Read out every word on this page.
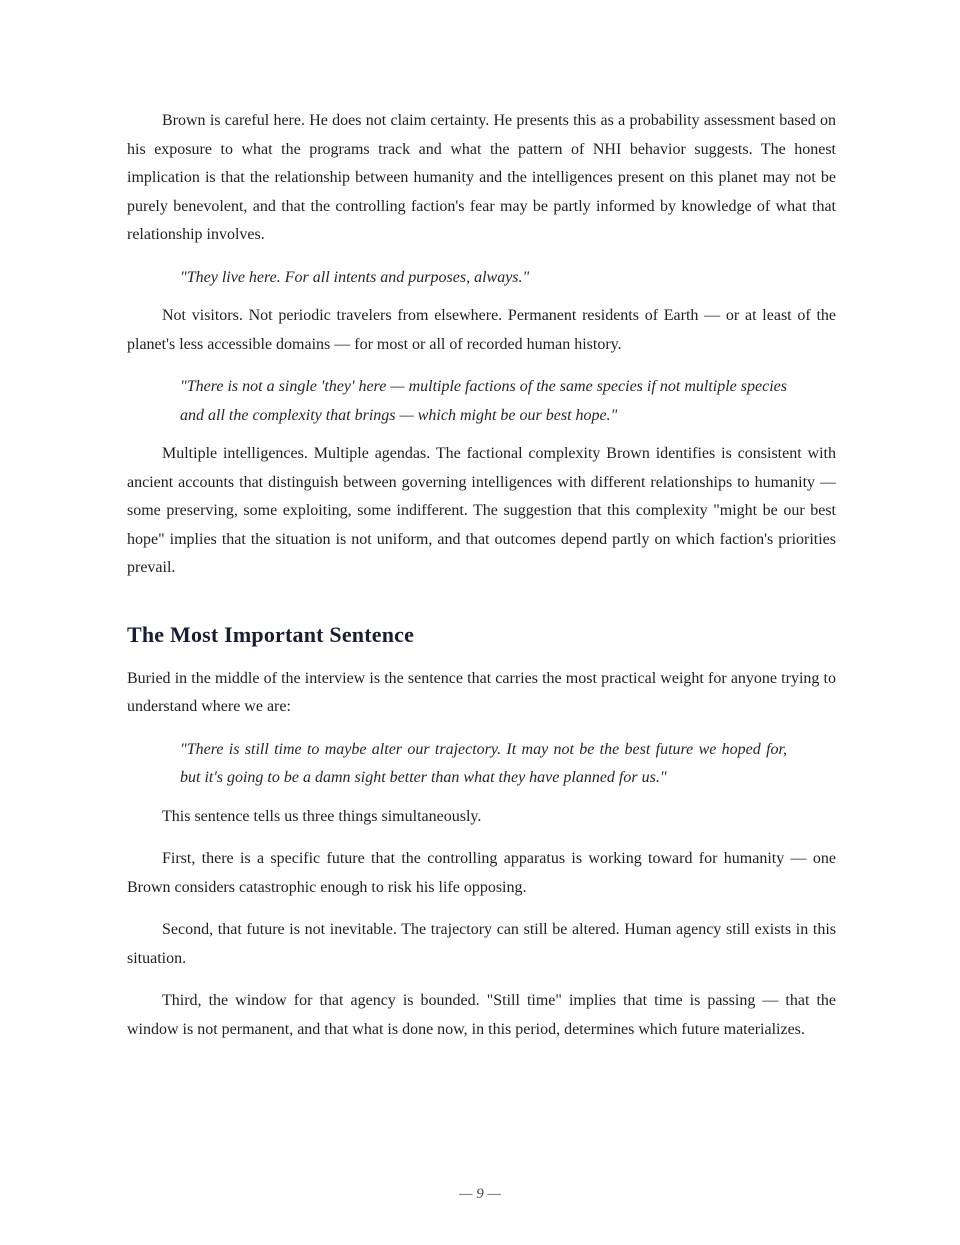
Brown is careful here. He does not claim certainty. He presents this as a probability assessment based on his exposure to what the programs track and what the pattern of NHI behavior suggests. The honest implication is that the relationship between humanity and the intelligences present on this planet may not be purely benevolent, and that the controlling faction's fear may be partly informed by knowledge of what that relationship involves.

"They live here. For all intents and purposes, always."

Not visitors. Not periodic travelers from elsewhere. Permanent residents of Earth — or at least of the planet's less accessible domains — for most or all of recorded human history.

"There is not a single 'they' here — multiple factions of the same species if not multiple species and all the complexity that brings — which might be our best hope."

Multiple intelligences. Multiple agendas. The factional complexity Brown identifies is consistent with ancient accounts that distinguish between governing intelligences with different relationships to humanity — some preserving, some exploiting, some indifferent. The suggestion that this complexity "might be our best hope" implies that the situation is not uniform, and that outcomes depend partly on which faction's priorities prevail.

The Most Important Sentence

Buried in the middle of the interview is the sentence that carries the most practical weight for anyone trying to understand where we are:

"There is still time to maybe alter our trajectory. It may not be the best future we hoped for, but it's going to be a damn sight better than what they have planned for us."

This sentence tells us three things simultaneously.

First, there is a specific future that the controlling apparatus is working toward for humanity — one Brown considers catastrophic enough to risk his life opposing.

Second, that future is not inevitable. The trajectory can still be altered. Human agency still exists in this situation.

Third, the window for that agency is bounded. "Still time" implies that time is passing — that the window is not permanent, and that what is done now, in this period, determines which future materializes.

— 9 —
